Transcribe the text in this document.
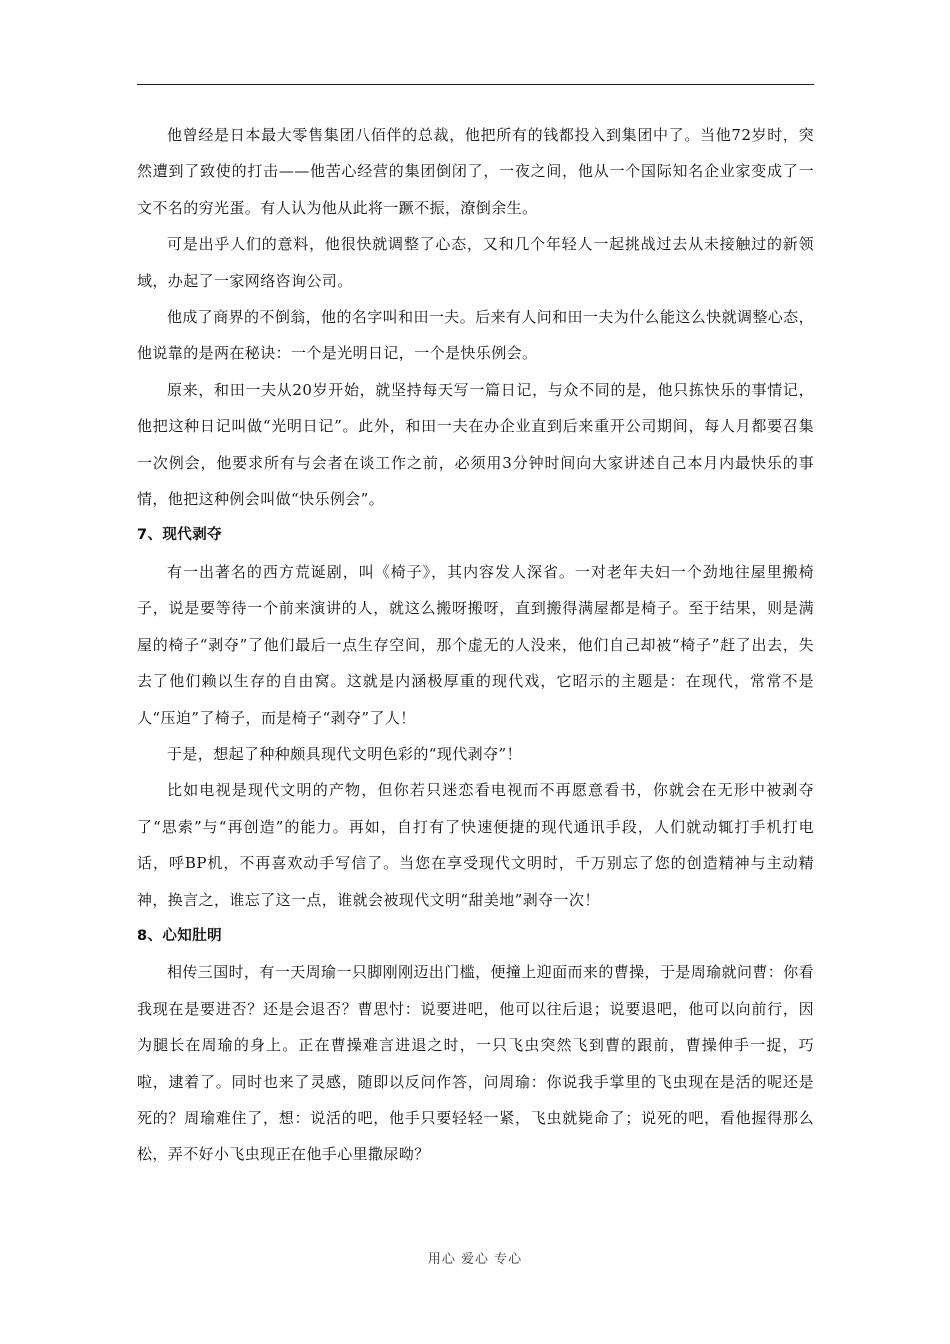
他曾经是日本最大零售集团八佰伴的总裁，他把所有的钱都投入到集团中了。当他72岁时，突然遭到了致使的打击——他苦心经营的集团倒闭了，一夜之间，他从一个国际知名企业家变成了一文不名的穷光蛋。有人认为他从此将一蹶不振，潦倒余生。

可是出乎人们的意料，他很快就调整了心态，又和几个年轻人一起挑战过去从未接触过的新领域，办起了一家网络咨询公司。

他成了商界的不倒翁，他的名字叫和田一夫。后来有人问和田一夫为什么能这么快就调整心态，他说靠的是两在秘诀：一个是光明日记，一个是快乐例会。

原来，和田一夫从20岁开始，就坚持每天写一篇日记，与众不同的是，他只拣快乐的事情记，他把这种日记叫做“光明日记”。此外，和田一夫在办企业直到后来重开公司期间，每人月都要召集一次例会，他要求所有与会者在谈工作之前，必须用3分钟时间向大家讲述自己本月内最快乐的事情，他把这种例会叫做“快乐例会”。

7、现代剥夺

有一出著名的西方荒诞剧，叫《椅子》，其内容发人深省。一对老年夫妇一个劲地往屋里搬椅子，说是要等待一个前来演讲的人，就这么搬呀搬呀，直到搬得满屋都是椅子。至于结果，则是满屋的椅子“剥夺”了他们最后一点生存空间，那个虚无的人没来，他们自己却被“椅子”赶了出去，失去了他们赖以生存的自由窝。这就是内涵极厚重的现代戏，它昭示的主题是：在现代，常常不是人“压迫”了椅子，而是椅子“剥夺”了人！

于是，想起了种种颇具现代文明色彩的“现代剥夺”！

比如电视是现代文明的产物，但你若只迷恋看电视而不再愿意看书，你就会在无形中被剥夺了“思索”与“再创造”的能力。再如，自打有了快速便捷的现代通讯手段，人们就动辄打手机打电话，呼BP机，不再喜欢动手写信了。当您在享受现代文明时，千万别忘了您的创造精神与主动精神，换言之，谁忘了这一点，谁就会被现代文明“甜美地”剥夺一次！

8、心知肚明

相传三国时，有一天周瑜一只脚刚刚迈出门槛，便撞上迎面而来的曹操，于是周瑜就问曹：你看我现在是要进否？还是会退否？曹思忖：说要进吧，他可以往后退；说要退吧，他可以向前行，因为腿长在周瑜的身上。正在曹操难言进退之时，一只飞虫突然飞到曹的跟前，曹操伸手一捉，巧啦，逮着了。同时也来了灵感，随即以反问作答，问周瑜：你说我手掌里的飞虫现在是活的呢还是死的？周瑜难住了，想：说活的吧，他手只要轻轻一紧，飞虫就毙命了；说死的吧，看他握得那么松，弄不好小飞虫现正在他手心里撒尿呦？

用心 爱心 专心
